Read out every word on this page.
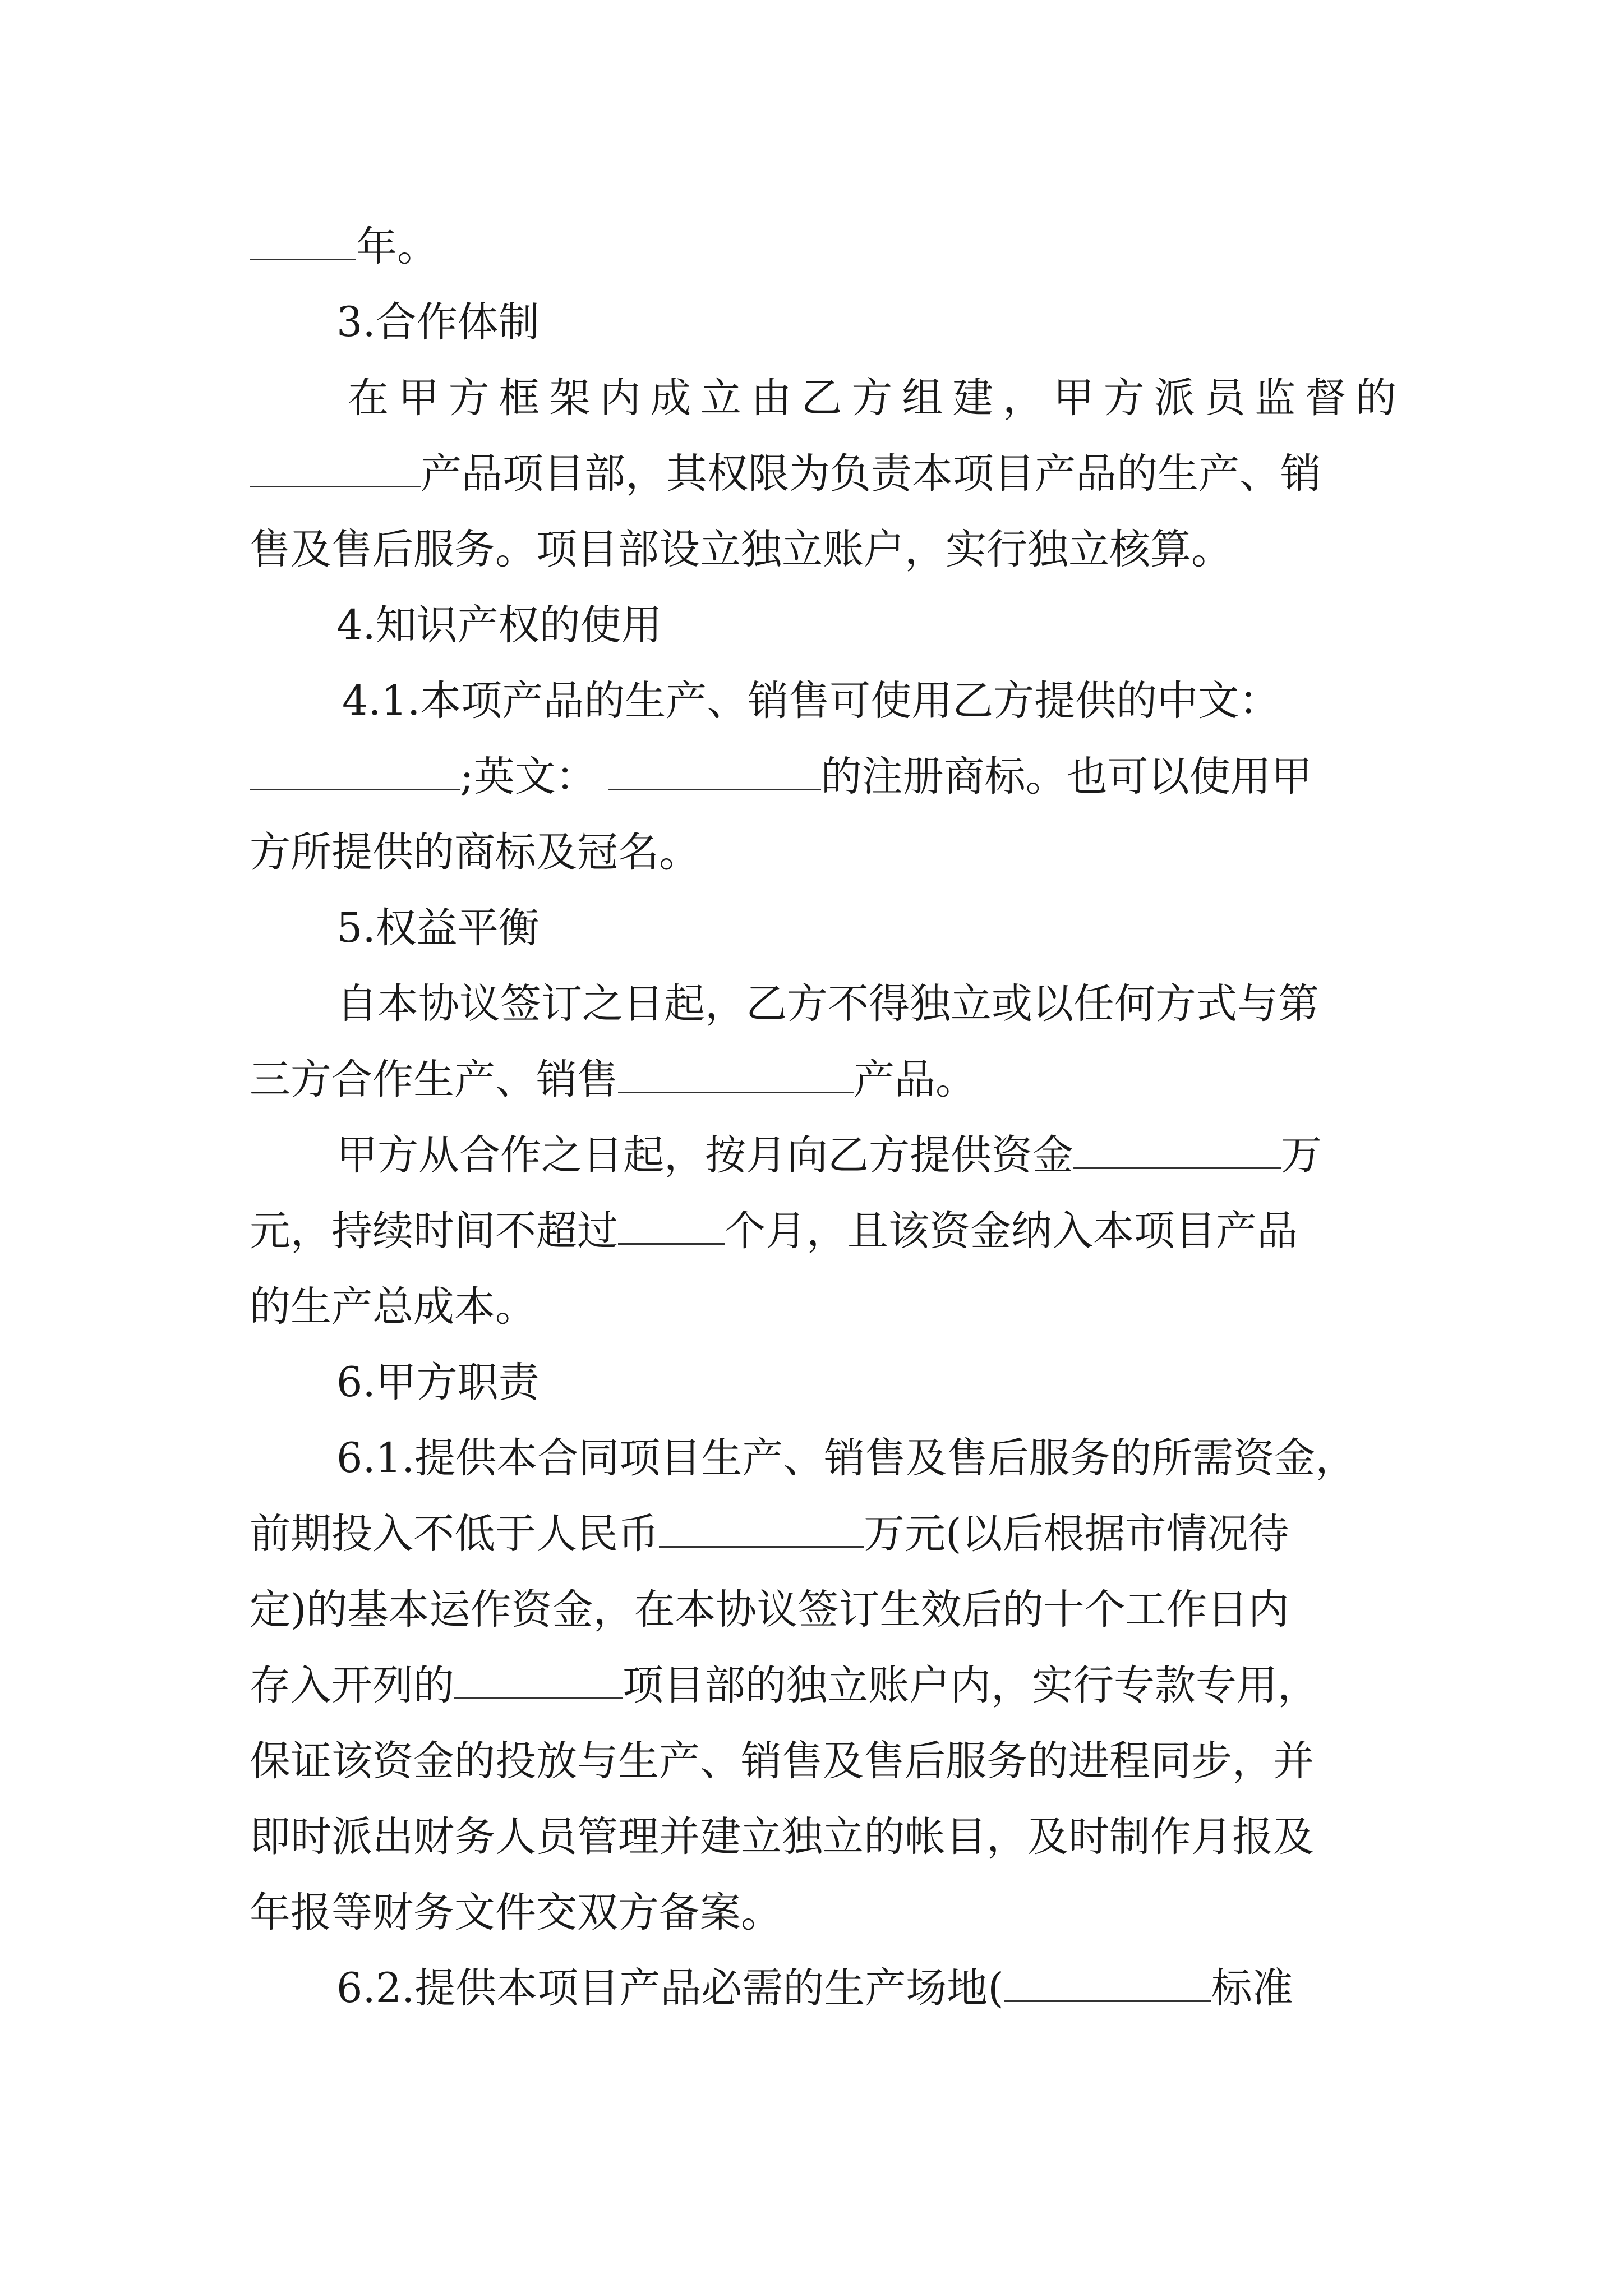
年。
3.合作体制
在甲方框架内成立由乙方组建，甲方派员监督的
产品项目部，其权限为负责本项目产品的生产、销
售及售后服务。项目部设立独立账户，实行独立核算。
4.知识产权的使用
4.1.本项产品的生产、销售可使用乙方提供的中文：
;英文：	的注册商标。也可以使用甲
方所提供的商标及冠名。
5.权益平衡
自本协议签订之日起，乙方不得独立或以任何方式与第
三方合作生产、销售	产品。
甲方从合作之日起，按月向乙方提供资金	万
元，持续时间不超过	个月，且该资金纳入本项目产品
的生产总成本。
6.甲方职责
6.1.提供本合同项目生产、销售及售后服务的所需资金，
前期投入不低于人民币	万元(以后根据市情况待
定)的基本运作资金，在本协议签订生效后的十个工作日内
存入开列的	项目部的独立账户内，实行专款专用，
保证该资金的投放与生产、销售及售后服务的进程同步，并
即时派出财务人员管理并建立独立的帐目，及时制作月报及
年报等财务文件交双方备案。
6.2.提供本项目产品必需的生产场地(	标准
